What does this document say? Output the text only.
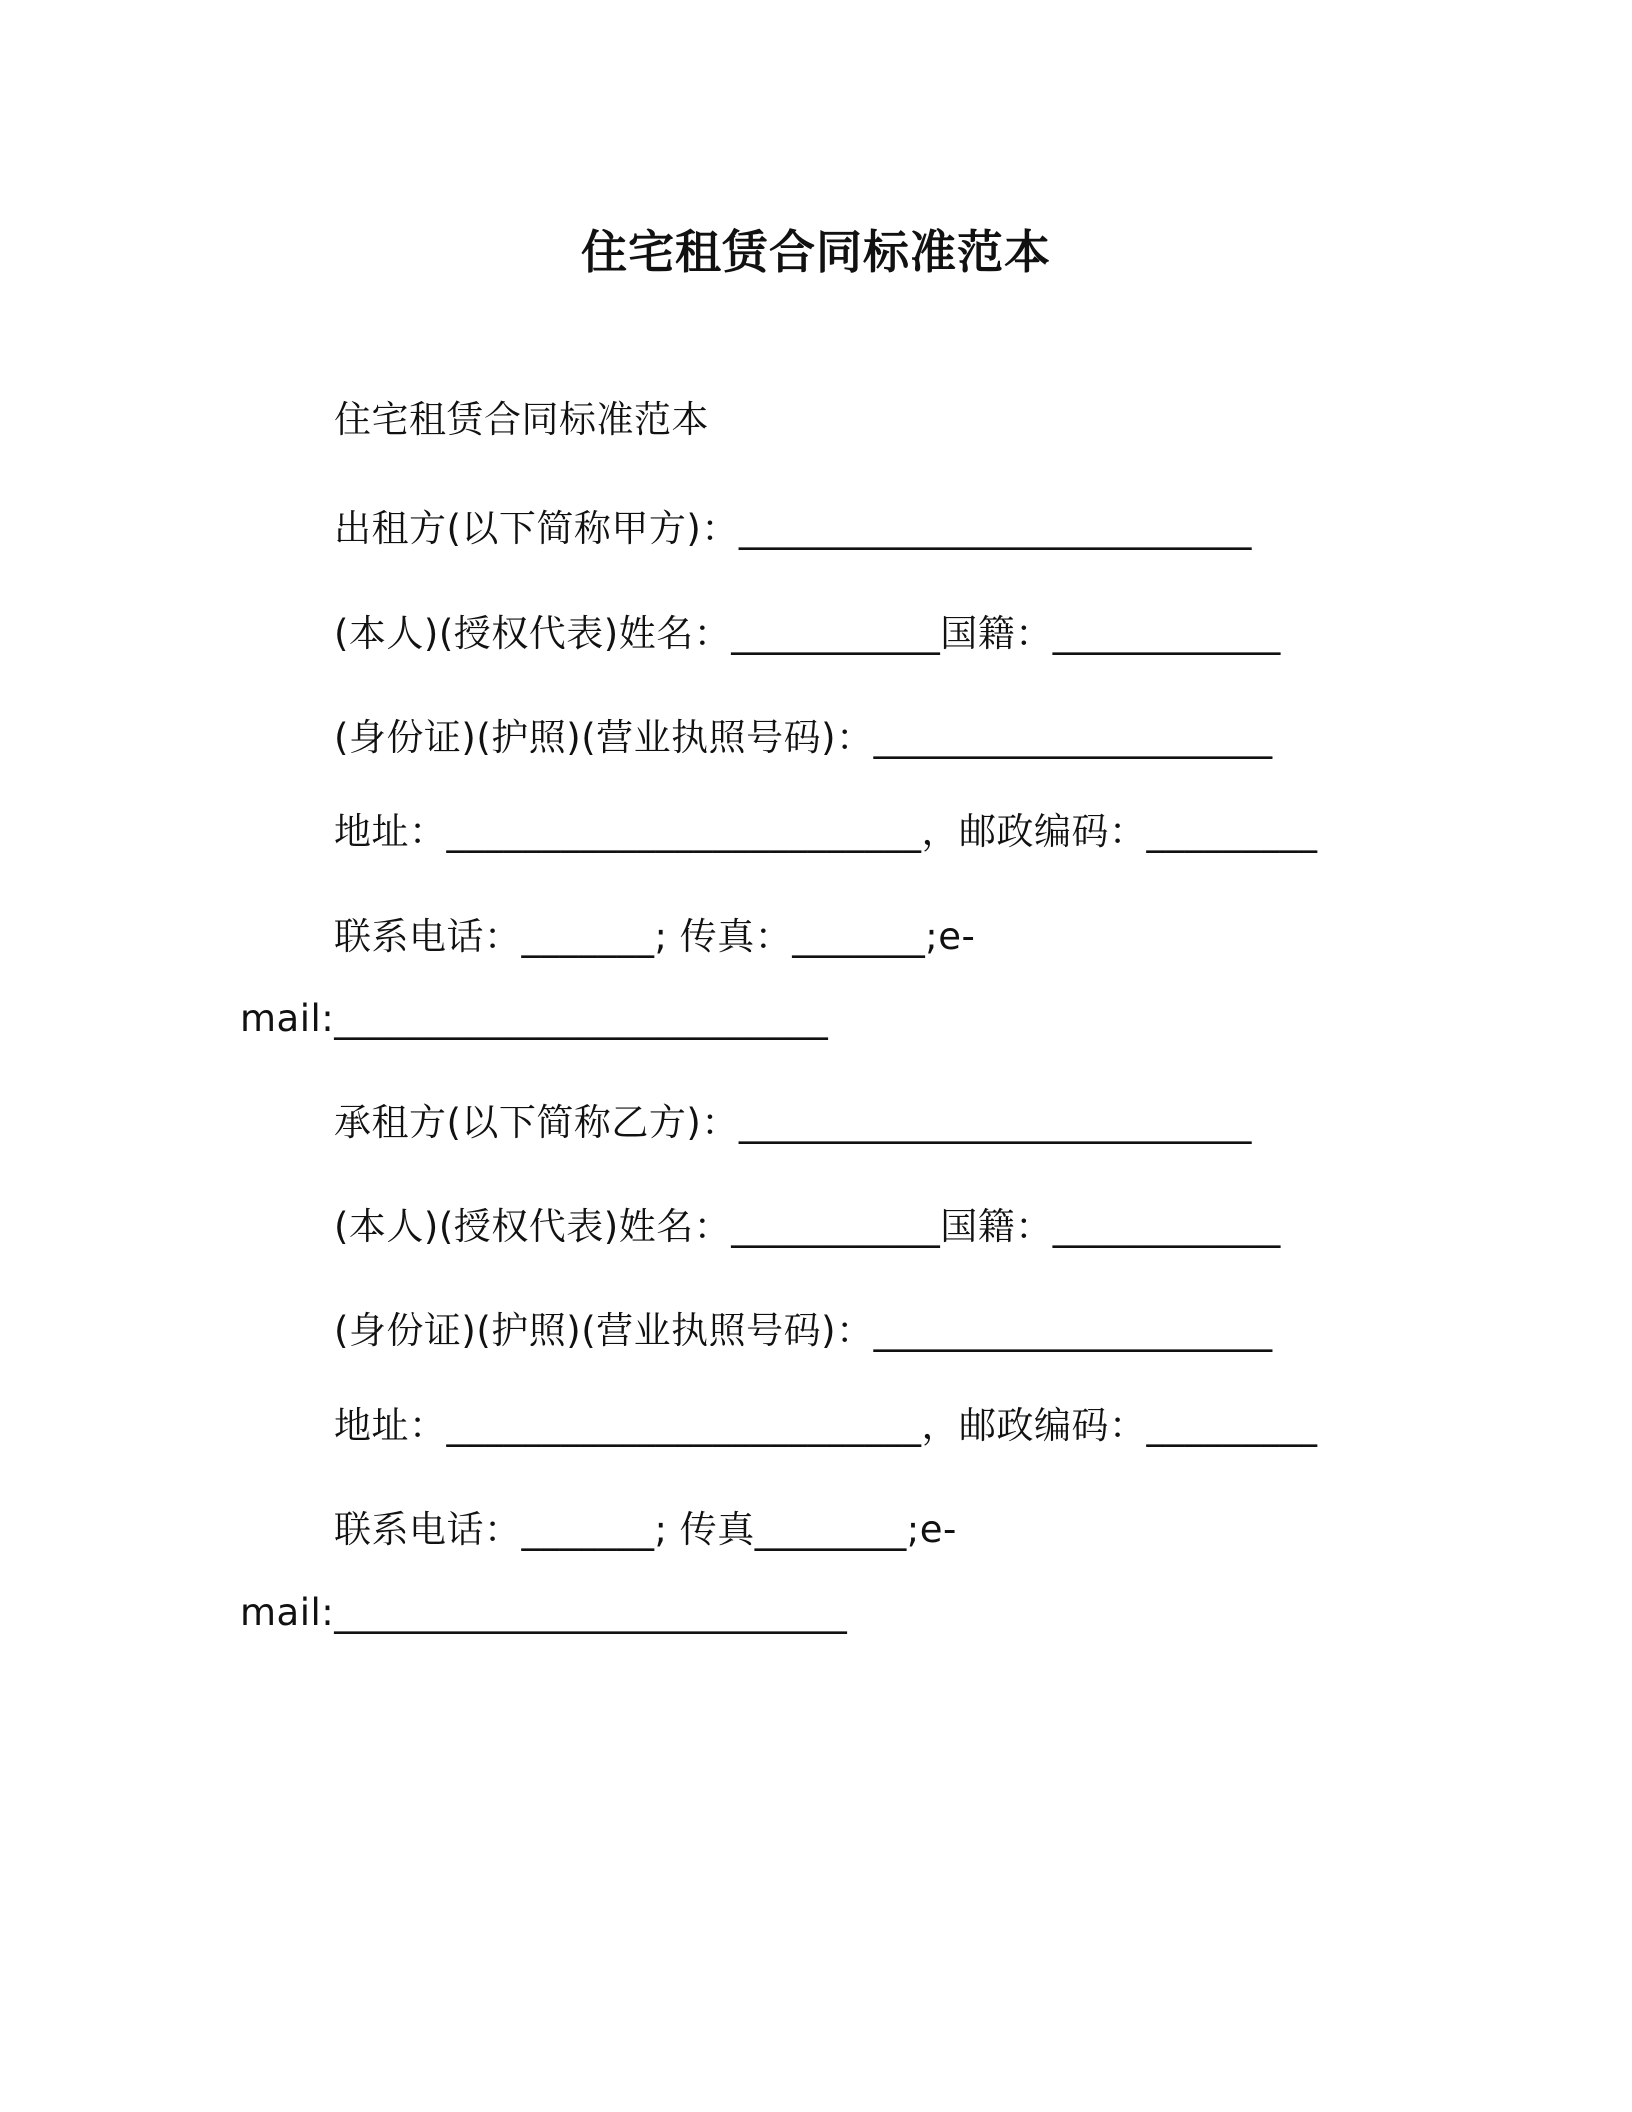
住宅租赁合同标准范本
住宅租赁合同标准范本
出租方(以下简称甲方)：___________________________
(本人)(授权代表)姓名：___________国籍：____________
(身份证)(护照)(营业执照号码)：_____________________
地址：_________________________，邮政编码：_________
联系电话：_______; 传真：_______;e-
mail:__________________________
承租方(以下简称乙方)：___________________________
(本人)(授权代表)姓名：___________国籍：____________
(身份证)(护照)(营业执照号码)：_____________________
地址：_________________________，邮政编码：_________
联系电话：_______; 传真________;e-
mail:___________________________
